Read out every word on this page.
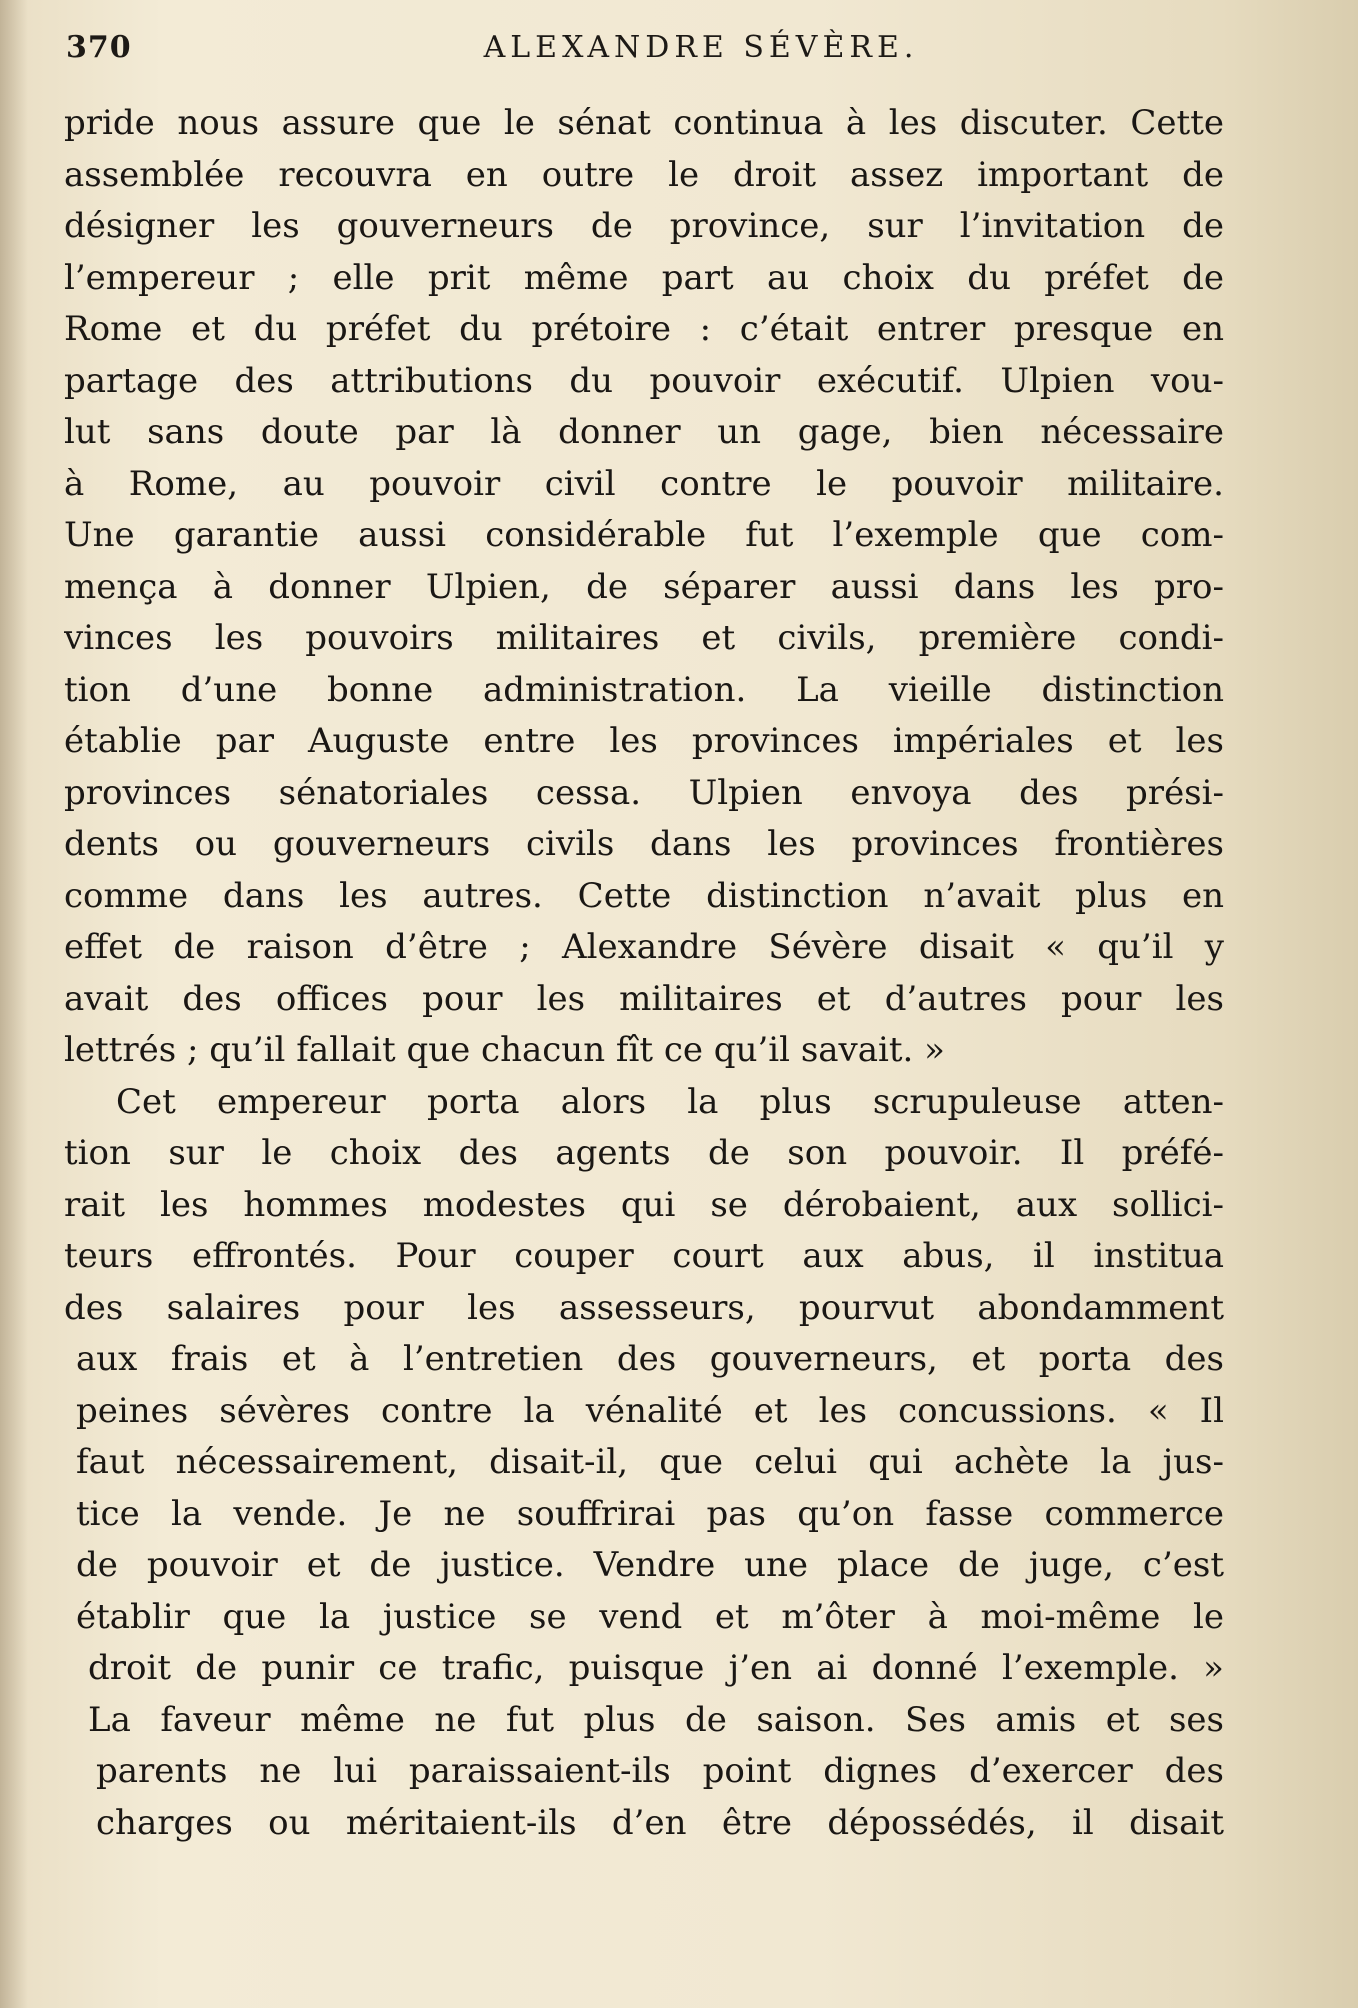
370	ALEXANDRE SÉVÈRE.
pride nous assure que le sénat continua à les discuter. Cette
assemblée recouvra en outre le droit assez important de
désigner les gouverneurs de province, sur l’invitation de
l’empereur ; elle prit même part au choix du préfet de
Rome et du préfet du prétoire : c’était entrer presque en
partage des attributions du pouvoir exécutif. Ulpien vou-
lut sans doute par là donner un gage, bien nécessaire
à Rome, au pouvoir civil contre le pouvoir militaire.
Une garantie aussi considérable fut l’exemple que com-
mença à donner Ulpien, de séparer aussi dans les pro-
vinces les pouvoirs militaires et civils, première condi-
tion d’une bonne administration. La vieille distinction
établie par Auguste entre les provinces impériales et les
provinces sénatoriales cessa. Ulpien envoya des prési-
dents ou gouverneurs civils dans les provinces frontières
comme dans les autres. Cette distinction n’avait plus en
effet de raison d’être ; Alexandre Sévère disait « qu’il y
avait des offices pour les militaires et d’autres pour les
lettrés ; qu’il fallait que chacun fît ce qu’il savait. »
Cet empereur porta alors la plus scrupuleuse atten-
tion sur le choix des agents de son pouvoir. Il préfé-
rait les hommes modestes qui se dérobaient, aux sollici-
teurs effrontés. Pour couper court aux abus, il institua
des salaires pour les assesseurs, pourvut abondamment
aux frais et à l’entretien des gouverneurs, et porta des
peines sévères contre la vénalité et les concussions. « Il
faut nécessairement, disait-il, que celui qui achète la jus-
tice la vende. Je ne souffrirai pas qu’on fasse commerce
de pouvoir et de justice. Vendre une place de juge, c’est
établir que la justice se vend et m’ôter à moi-même le
droit de punir ce trafic, puisque j’en ai donné l’exemple. »
La faveur même ne fut plus de saison. Ses amis et ses
parents ne lui paraissaient-ils point dignes d’exercer des
charges ou méritaient-ils d’en être dépossédés, il disait
